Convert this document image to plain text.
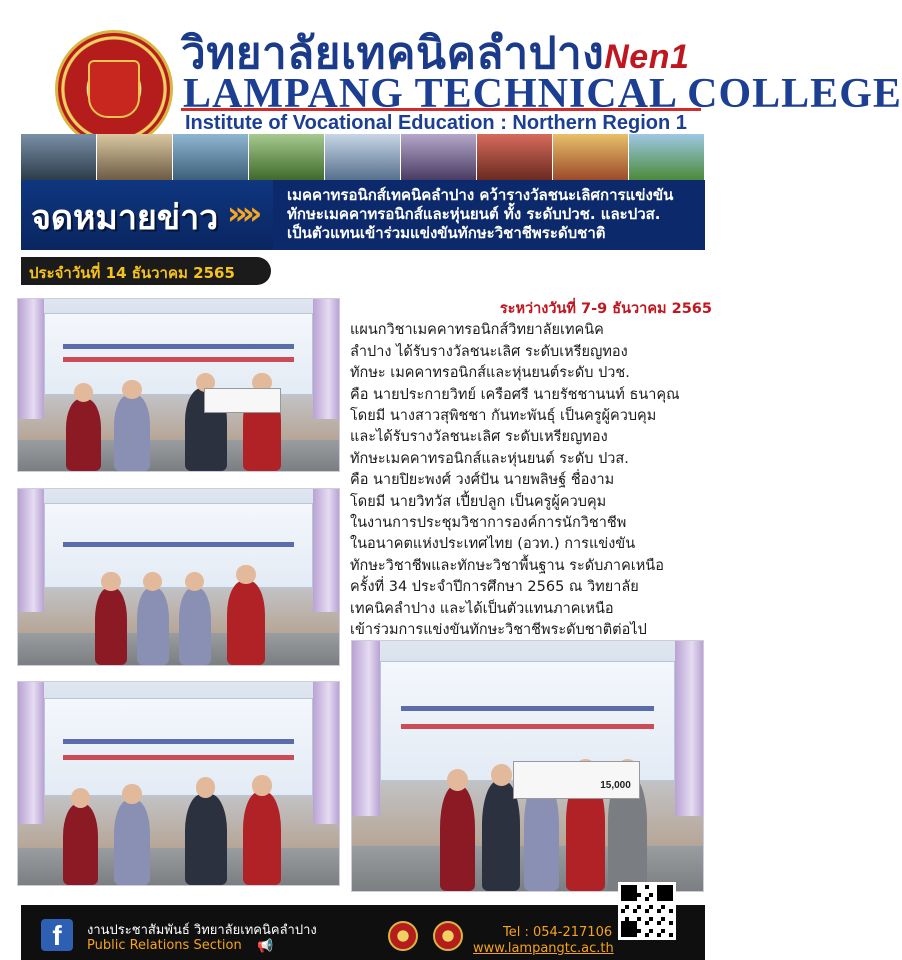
วิทยาลัยเทคนิคลำปางNen1
LAMPANG TECHNICAL COLLEGE
Institute of Vocational Education : Northern Region 1
จดหมายข่าว »» เมคคาทรอนิกส์เทคนิคลำปาง คว้ารางวัลชนะเลิศการแข่งขัน
ทักษะเมคคาทรอนิกส์และหุ่นยนต์ ทั้ง ระดับปวช. และปวส.
เป็นตัวแทนเข้าร่วมแข่งขันทักษะวิชาชีพระดับชาติ
ประจำวันที่ 14 ธันวาคม 2565
15,000
ระหว่างวันที่ 7-9 ธันวาคม 2565
แผนกวิชาเมคคาทรอนิกส์วิทยาลัยเทคนิค
ลำปาง ได้รับรางวัลชนะเลิศ ระดับเหรียญทอง
ทักษะ เมคคาทรอนิกส์และหุ่นยนต์ระดับ ปวช.
คือ นายประกายวิทย์ เครือศรี นายรัชชานนท์ ธนาคุณ
โดยมี นางสาวสุพิชชา กันทะพันธุ์ เป็นครูผู้ควบคุม
และได้รับรางวัลชนะเลิศ ระดับเหรียญทอง
ทักษะเมคคาทรอนิกส์และหุ่นยนต์ ระดับ ปวส.
คือ นายปิยะพงศ์ วงศ์ปัน นายพลิษฐ์ ชื่องาม
โดยมี นายวิทวัส เปี้ยปลูก เป็นครูผู้ควบคุม
ในงานการประชุมวิชาการองค์การนักวิชาชีพ
ในอนาคตแห่งประเทศไทย (อวท.) การแข่งขัน
ทักษะวิชาชีพและทักษะวิชาพื้นฐาน ระดับภาคเหนือ
ครั้งที่ 34 ประจำปีการศึกษา 2565 ณ วิทยาลัย
เทคนิคลำปาง และได้เป็นตัวแทนภาคเหนือ
เข้าร่วมการแข่งขันทักษะวิชาชีพระดับชาติต่อไป
f	งานประชาสัมพันธ์ วิทยาลัยเทคนิคลำปาง
Public Relations Section 📢
Tel : 054-217106
www.lampangtc.ac.th
